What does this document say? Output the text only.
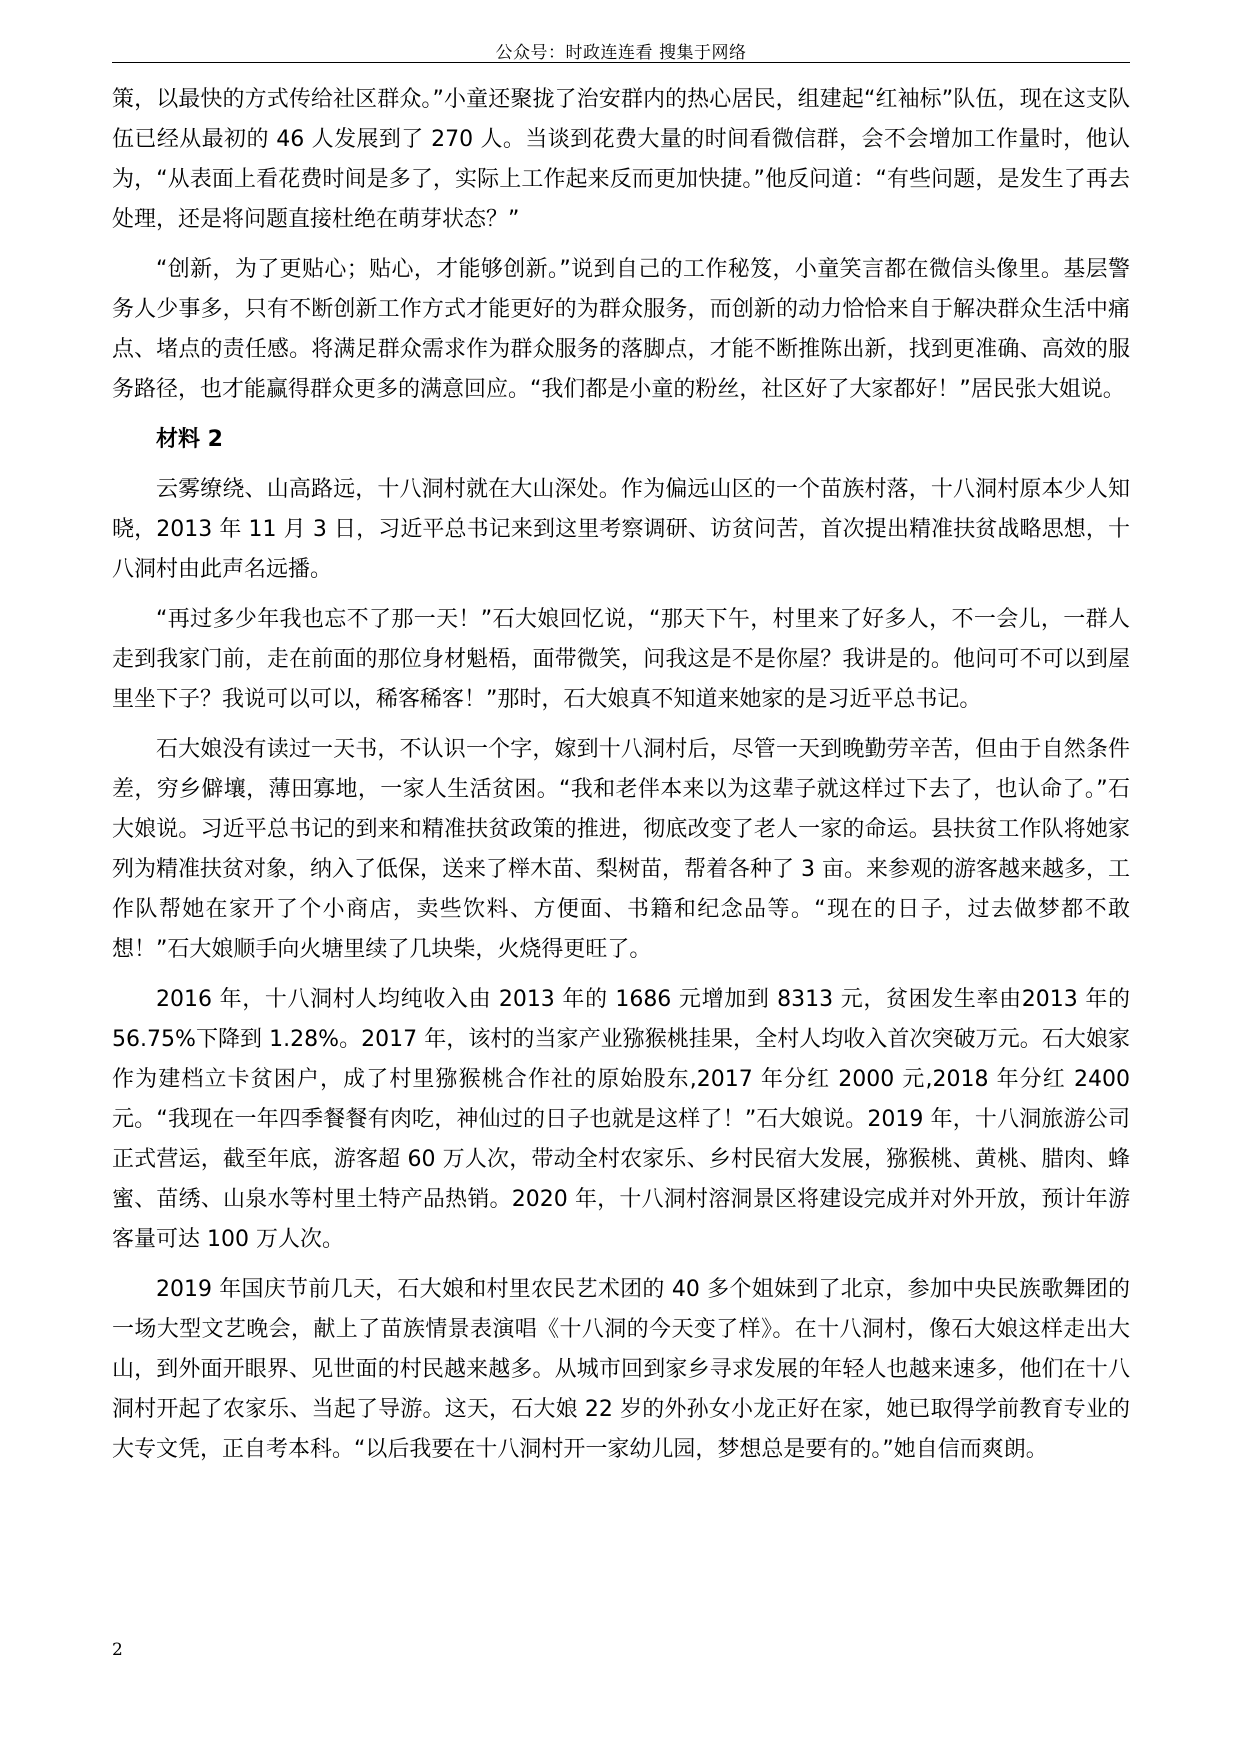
公众号：时政连连看 搜集于网络

策，以最快的方式传给社区群众。”小童还聚拢了治安群内的热心居民，组建起“红袖标”队伍，现在这支队伍已经从最初的 46 人发展到了 270 人。当谈到花费大量的时间看微信群，会不会增加工作量时，他认为，“从表面上看花费时间是多了，实际上工作起来反而更加快捷。”他反问道：“有些问题，是发生了再去处理，还是将问题直接杜绝在萌芽状态？”

“创新，为了更贴心；贴心，才能够创新。”说到自己的工作秘笈，小童笑言都在微信头像里。基层警务人少事多，只有不断创新工作方式才能更好的为群众服务，而创新的动力恰恰来自于解决群众生活中痛点、堵点的责任感。将满足群众需求作为群众服务的落脚点，才能不断推陈出新，找到更准确、高效的服务路径，也才能赢得群众更多的满意回应。“我们都是小童的粉丝，社区好了大家都好！”居民张大姐说。

材料 2

云雾缭绕、山高路远，十八洞村就在大山深处。作为偏远山区的一个苗族村落，十八洞村原本少人知晓，2013 年 11 月 3 日，习近平总书记来到这里考察调研、访贫问苦，首次提出精准扶贫战略思想，十八洞村由此声名远播。

“再过多少年我也忘不了那一天！”石大娘回忆说，“那天下午，村里来了好多人，不一会儿，一群人走到我家门前，走在前面的那位身材魁梧，面带微笑，问我这是不是你屋？我讲是的。他问可不可以到屋里坐下子？我说可以可以，稀客稀客！”那时，石大娘真不知道来她家的是习近平总书记。

石大娘没有读过一天书，不认识一个字，嫁到十八洞村后，尽管一天到晚勤劳辛苦，但由于自然条件差，穷乡僻壤，薄田寡地，一家人生活贫困。“我和老伴本来以为这辈子就这样过下去了，也认命了。”石大娘说。习近平总书记的到来和精准扶贫政策的推进，彻底改变了老人一家的命运。县扶贫工作队将她家列为精准扶贫对象，纳入了低保，送来了榉木苗、梨树苗，帮着各种了 3 亩。来参观的游客越来越多，工作队帮她在家开了个小商店，卖些饮料、方便面、书籍和纪念品等。“现在的日子，过去做梦都不敢想！”石大娘顺手向火塘里续了几块柴，火烧得更旺了。

2016 年，十八洞村人均纯收入由 2013 年的 1686 元增加到 8313 元，贫困发生率由2013 年的 56.75%下降到 1.28%。2017 年，该村的当家产业猕猴桃挂果，全村人均收入首次突破万元。石大娘家作为建档立卡贫困户，成了村里猕猴桃合作社的原始股东,2017 年分红 2000 元,2018 年分红 2400 元。“我现在一年四季餐餐有肉吃，神仙过的日子也就是这样了！”石大娘说。2019 年，十八洞旅游公司正式营运，截至年底，游客超 60 万人次，带动全村农家乐、乡村民宿大发展，猕猴桃、黄桃、腊肉、蜂蜜、苗绣、山泉水等村里土特产品热销。2020 年，十八洞村溶洞景区将建设完成并对外开放，预计年游客量可达 100 万人次。

2019 年国庆节前几天，石大娘和村里农民艺术团的 40 多个姐妹到了北京，参加中央民族歌舞团的一场大型文艺晚会，献上了苗族情景表演唱《十八洞的今天变了样》。在十八洞村，像石大娘这样走出大山，到外面开眼界、见世面的村民越来越多。从城市回到家乡寻求发展的年轻人也越来速多，他们在十八洞村开起了农家乐、当起了导游。这天，石大娘 22 岁的外孙女小龙正好在家，她已取得学前教育专业的大专文凭，正自考本科。“以后我要在十八洞村开一家幼儿园，梦想总是要有的。”她自信而爽朗。

2
